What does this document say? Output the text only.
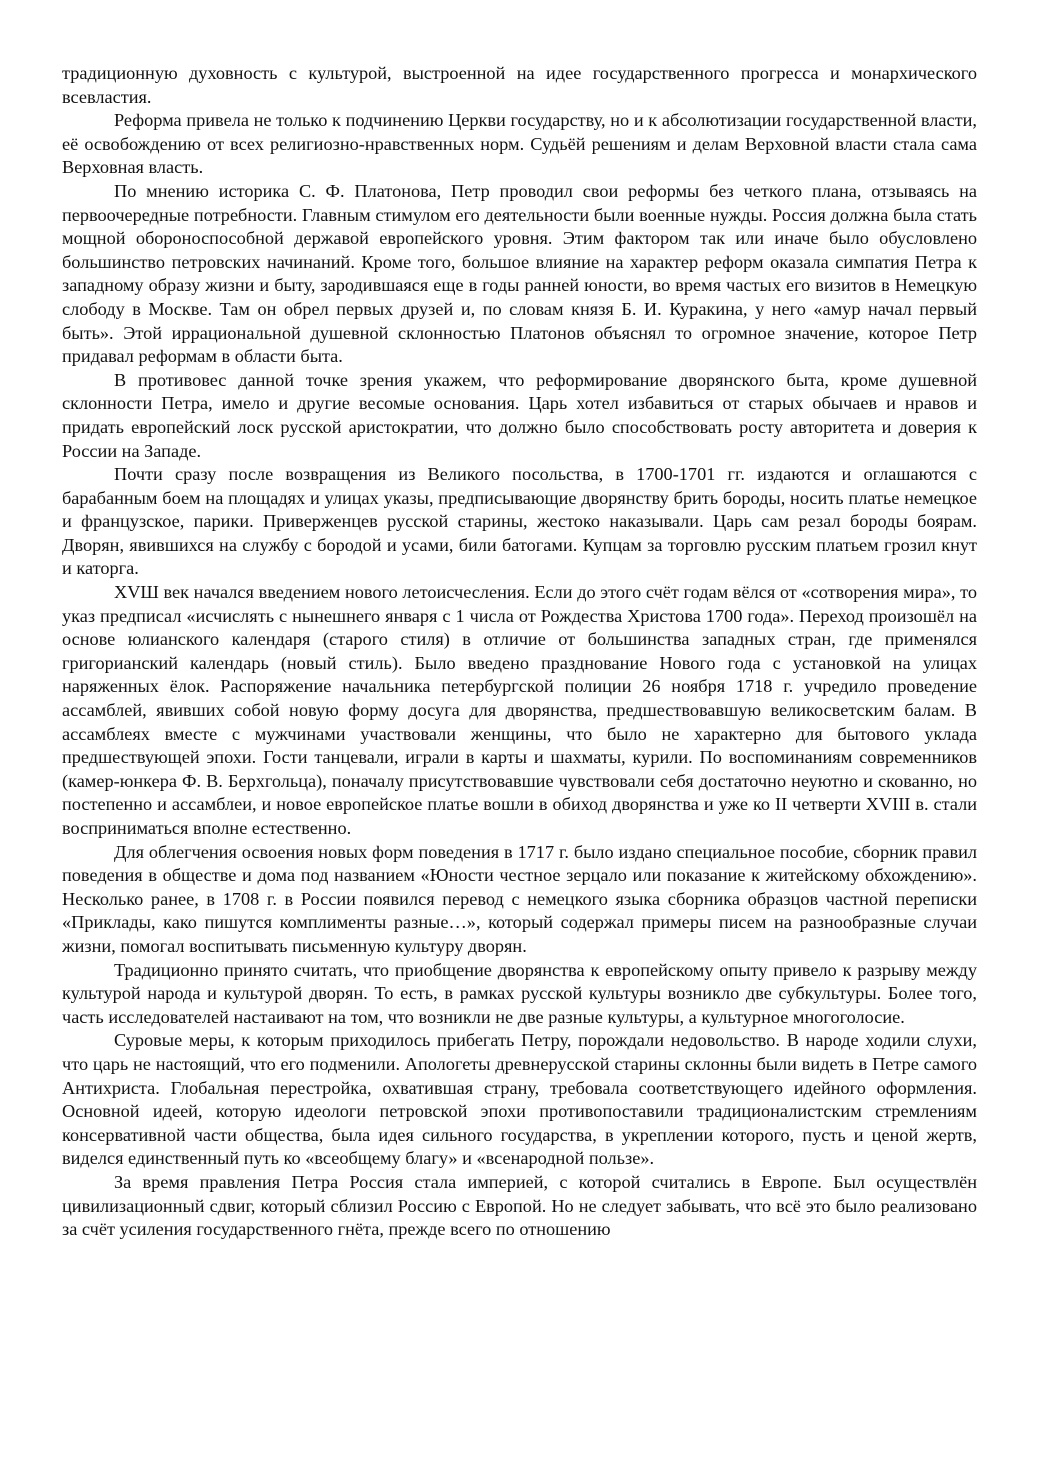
традиционную духовность с культурой, выстроенной на идее государственного прогресса и монархического всевластия.

Реформа привела не только к подчинению Церкви государству, но и к абсолютизации государственной власти, её освобождению от всех религиозно-нравственных норм. Судьёй решениям и делам Верховной власти стала сама Верховная власть.

По мнению историка С. Ф. Платонова, Петр проводил свои реформы без четкого плана, отзываясь на первоочередные потребности. Главным стимулом его деятельности были военные нужды. Россия должна была стать мощной обороноспособной державой европейского уровня. Этим фактором так или иначе было обусловлено большинство петровских начинаний. Кроме того, большое влияние на характер реформ оказала симпатия Петра к западному образу жизни и быту, зародившаяся еще в годы ранней юности, во время частых его визитов в Немецкую слободу в Москве. Там он обрел первых друзей и, по словам князя Б. И. Куракина, у него «амур начал первый быть». Этой иррациональной душевной склонностью Платонов объяснял то огромное значение, которое Петр придавал реформам в области быта.

В противовес данной точке зрения укажем, что реформирование дворянского быта, кроме душевной склонности Петра, имело и другие весомые основания. Царь хотел избавиться от старых обычаев и нравов и придать европейский лоск русской аристократии, что должно было способствовать росту авторитета и доверия к России на Западе.

Почти сразу после возвращения из Великого посольства, в 1700-1701 гг. издаются и оглашаются с барабанным боем на площадях и улицах указы, предписывающие дворянству брить бороды, носить платье немецкое и французское, парики. Приверженцев русской старины, жестоко наказывали. Царь сам резал бороды боярам. Дворян, явившихся на службу с бородой и усами, били батогами. Купцам за торговлю русским платьем грозил кнут и каторга.

XVШ век начался введением нового летоисчесления. Если до этого счёт годам вёлся от «сотворения мира», то указ предписал «исчислять с нынешнего января с 1 числа от Рождества Христова 1700 года». Переход произошёл на основе юлианского календаря (старого стиля) в отличие от большинства западных стран, где применялся григорианский календарь (новый стиль). Было введено празднование Нового года с установкой на улицах наряженных ёлок. Распоряжение начальника петербургской полиции 26 ноября 1718 г. учредило проведение ассамблей, явивших собой новую форму досуга для дворянства, предшествовавшую великосветским балам. В ассамблеях вместе с мужчинами участвовали женщины, что было не характерно для бытового уклада предшествующей эпохи. Гости танцевали, играли в карты и шахматы, курили. По воспоминаниям современников (камер-юнкера Ф. В. Берхгольца), поначалу присутствовавшие чувствовали себя достаточно неуютно и скованно, но постепенно и ассамблеи, и новое европейское платье вошли в обиход дворянства и уже ко II четверти XVIII в. стали восприниматься вполне естественно.

Для облегчения освоения новых форм поведения в 1717 г. было издано специальное пособие, сборник правил поведения в обществе и дома под названием «Юности честное зерцало или показание к житейскому обхождению». Несколько ранее, в 1708 г. в России появился перевод с немецкого языка сборника образцов частной переписки «Приклады, како пишутся комплименты разные…», который содержал примеры писем на разнообразные случаи жизни, помогал воспитывать письменную культуру дворян.

Традиционно принято считать, что приобщение дворянства к европейскому опыту привело к разрыву между культурой народа и культурой дворян. То есть, в рамках русской культуры возникло две субкультуры. Более того, часть исследователей настаивают на том, что возникли не две разные культуры, а культурное многоголосие.

Суровые меры, к которым приходилось прибегать Петру, порождали недовольство. В народе ходили слухи, что царь не настоящий, что его подменили. Апологеты древнерусской старины склонны были видеть в Петре самого Антихриста. Глобальная перестройка, охватившая страну, требовала соответствующего идейного оформления. Основной идеей, которую идеологи петровской эпохи противопоставили традиционалистским стремлениям консервативной части общества, была идея сильного государства, в укреплении которого, пусть и ценой жертв, виделся единственный путь ко «всеобщему благу» и «всенародной пользе».

За время правления Петра Россия стала империей, с которой считались в Европе. Был осуществлён цивилизационный сдвиг, который сблизил Россию с Европой. Но не следует забывать, что всё это было реализовано за счёт усиления государственного гнёта, прежде всего по отношению
